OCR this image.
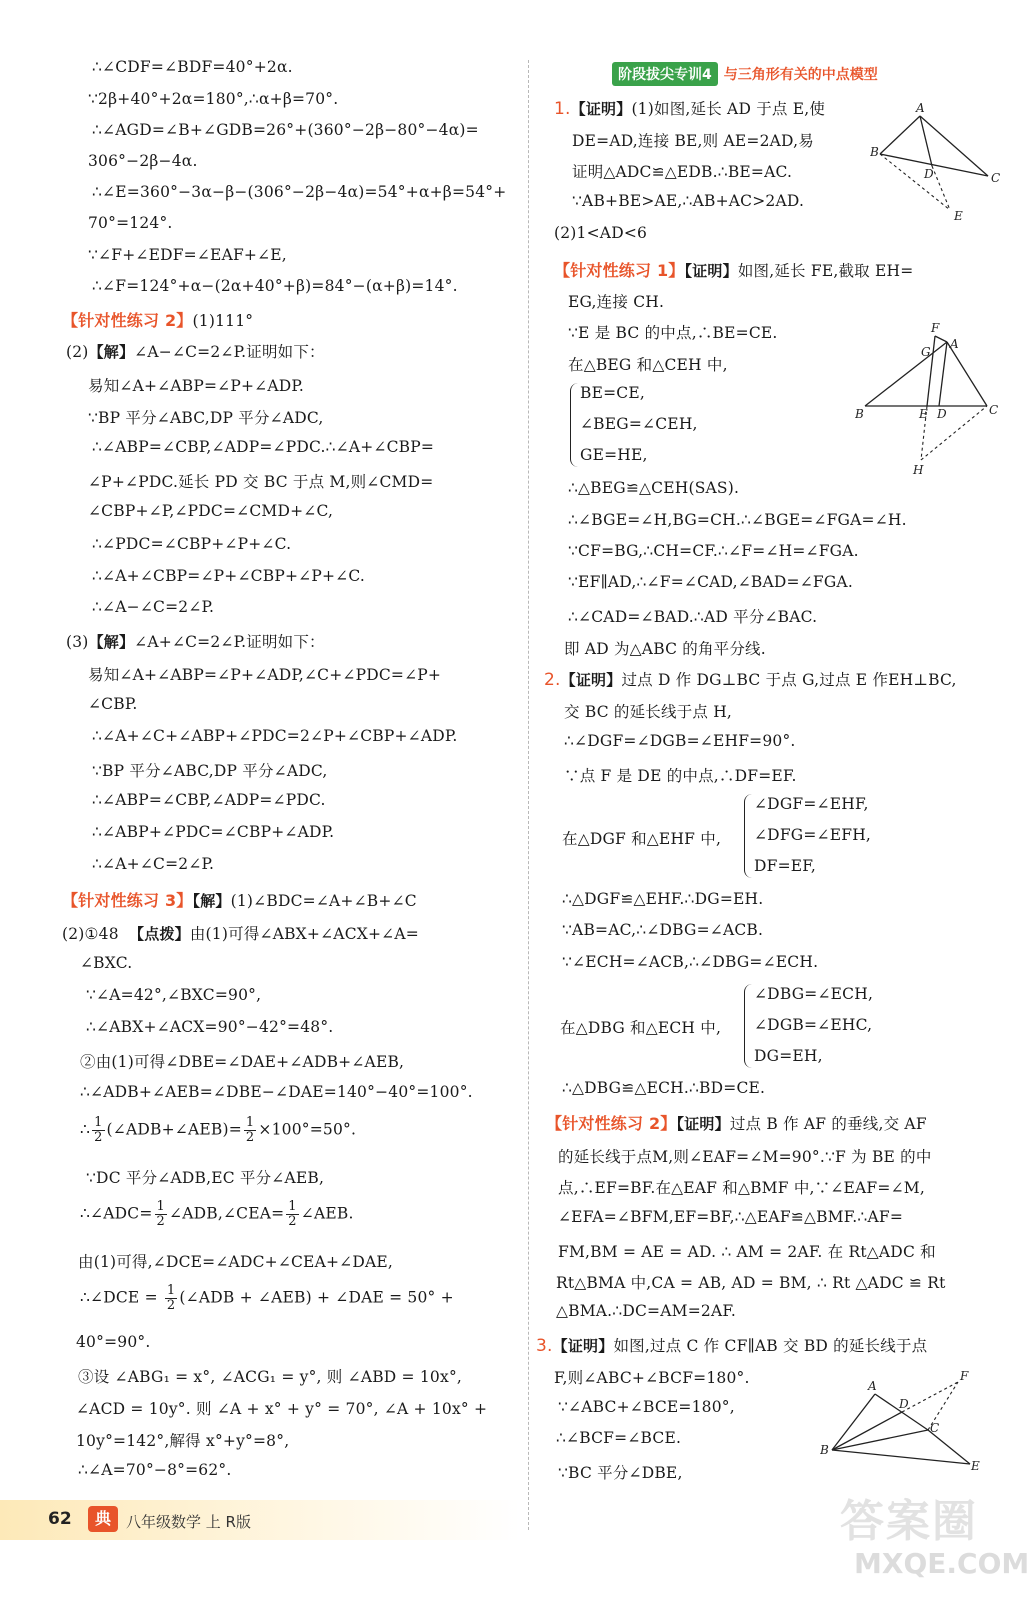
∴∠CDF=∠BDF=40°+2α.
∵2β+40°+2α=180°,∴α+β=70°.
∴∠AGD=∠B+∠GDB=26°+(360°−2β−80°−4α)=
306°−2β−4α.
∴∠E=360°−3α−β−(306°−2β−4α)=54°+α+β=54°+
70°=124°.
∵∠F+∠EDF=∠EAF+∠E,
∴∠F=124°+α−(2α+40°+β)=84°−(α+β)=14°.
【针对性练习 2】(1)111°
(2)【解】∠A−∠C=2∠P.证明如下：
易知∠A+∠ABP=∠P+∠ADP.
∵BP 平分∠ABC,DP 平分∠ADC,
∴∠ABP=∠CBP,∠ADP=∠PDC.∴∠A+∠CBP=
∠P+∠PDC.延长 PD 交 BC 于点 M,则∠CMD=
∠CBP+∠P,∠PDC=∠CMD+∠C,
∴∠PDC=∠CBP+∠P+∠C.
∴∠A+∠CBP=∠P+∠CBP+∠P+∠C.
∴∠A−∠C=2∠P.
(3)【解】∠A+∠C=2∠P.证明如下：
易知∠A+∠ABP=∠P+∠ADP,∠C+∠PDC=∠P+
∠CBP.
∴∠A+∠C+∠ABP+∠PDC=2∠P+∠CBP+∠ADP.
∵BP 平分∠ABC,DP 平分∠ADC,
∴∠ABP=∠CBP,∠ADP=∠PDC.
∴∠ABP+∠PDC=∠CBP+∠ADP.
∴∠A+∠C=2∠P.
【针对性练习 3】【解】(1)∠BDC=∠A+∠B+∠C
(2)①48 【点拨】由(1)可得∠ABX+∠ACX+∠A=
∠BXC.
∵∠A=42°,∠BXC=90°,
∴∠ABX+∠ACX=90°−42°=48°.
②由(1)可得∠DBE=∠DAE+∠ADB+∠AEB,
∴∠ADB+∠AEB=∠DBE−∠DAE=140°−40°=100°.
∴ $\frac{1}{2}$ (∠ADB+∠AEB)= $\frac{1}{2} \times 100^\circ=50^\circ$.
∵DC 平分∠ADB,EC 平分∠AEB,
∴∠ADC= $\frac{1}{2}$ ∠ADB,∠CEA= $\frac{1}{2}$ ∠AEB.
由(1)可得,∠DCE=∠ADC+∠CEA+∠DAE,
∴∠DCE = $\frac{1}{2}$ (∠ADB + ∠AEB) + ∠DAE = 50° +
40°=90°.
③设 ∠ABG₁ = x°, ∠ACG₁ = y°, 则 ∠ABD = 10x°,
∠ACD = 10y°. 则 ∠A + x° + y° = 70°, ∠A + 10x° +
10y°=142°,解得 x°+y°=8°,
∴∠A=70°−8°=62°.
阶段拔尖专训4 与三角形有关的中点模型
1.【证明】(1)如图,延长 AD 于点 E,使
DE=AD,连接 BE,则 AE=2AD,易
证明△ADC≌△EDB.∴BE=AC.
∵AB+BE>AE,∴AB+AC>2AD.
(2)1<AD<6
A
B
C
D
E
【针对性练习 1】【证明】如图,延长 FE,截取 EH=
EG,连接 CH.
∵E 是 BC 的中点,∴BE=CE.
在△BEG 和△CEH 中,
BE=CE,
∠BEG=∠CEH,
GE=HE,
∴△BEG≌△CEH(SAS).
∴∠BGE=∠H,BG=CH.∴∠BGE=∠FGA=∠H.
∵CF=BG,∴CH=CF.∴∠F=∠H=∠FGA.
∵EF∥AD,∴∠F=∠CAD,∠BAD=∠FGA.
∴∠CAD=∠BAD.∴AD 平分∠BAC.
即 AD 为△ABC 的角平分线.
F
G
A
B	E D	C
H
2.【证明】过点 D 作 DG⊥BC 于点 G,过点 E 作EH⊥BC,
交 BC 的延长线于点 H,
∴∠DGF=∠DGB=∠EHF=90°.
∵点 F 是 DE 的中点,∴DF=EF.
在△DGF 和△EHF 中,
∠DGF=∠EHF,
∠DFG=∠EFH,
DF=EF,
∴△DGF≌△EHF.∴DG=EH.
∵AB=AC,∴∠DBG=∠ACB.
∵∠ECH=∠ACB,∴∠DBG=∠ECH.
在△DBG 和△ECH 中,
∠DBG=∠ECH,
∠DGB=∠EHC,
DG=EH,
∴△DBG≌△ECH.∴BD=CE.
【针对性练习 2】【证明】过点 B 作 AF 的垂线,交 AF
的延长线于点M,则∠EAF=∠M=90°.∵F 为 BE 的中
点,∴EF=BF.在△EAF 和△BMF 中,∵∠EAF=∠M,
∠EFA=∠BFM,EF=BF,∴△EAF≌△BMF.∴AF=
FM,BM = AE = AD. ∴ AM = 2AF. 在 Rt△ADC 和
Rt△BMA 中,CA = AB, AD = BM, ∴ Rt △ADC ≌ Rt
△BMA.∴DC=AM=2AF.
3.【证明】如图,过点 C 作 CF∥AB 交 BD 的延长线于点
F,则∠ABC+∠BCF=180°.
∵∠ABC+∠BCE=180°,
∴∠BCF=∠BCE.
∵BC 平分∠DBE,
A
D
F
C
B
E
62	典	八年级数学 上 R版	答案圈
MXQE.COM
